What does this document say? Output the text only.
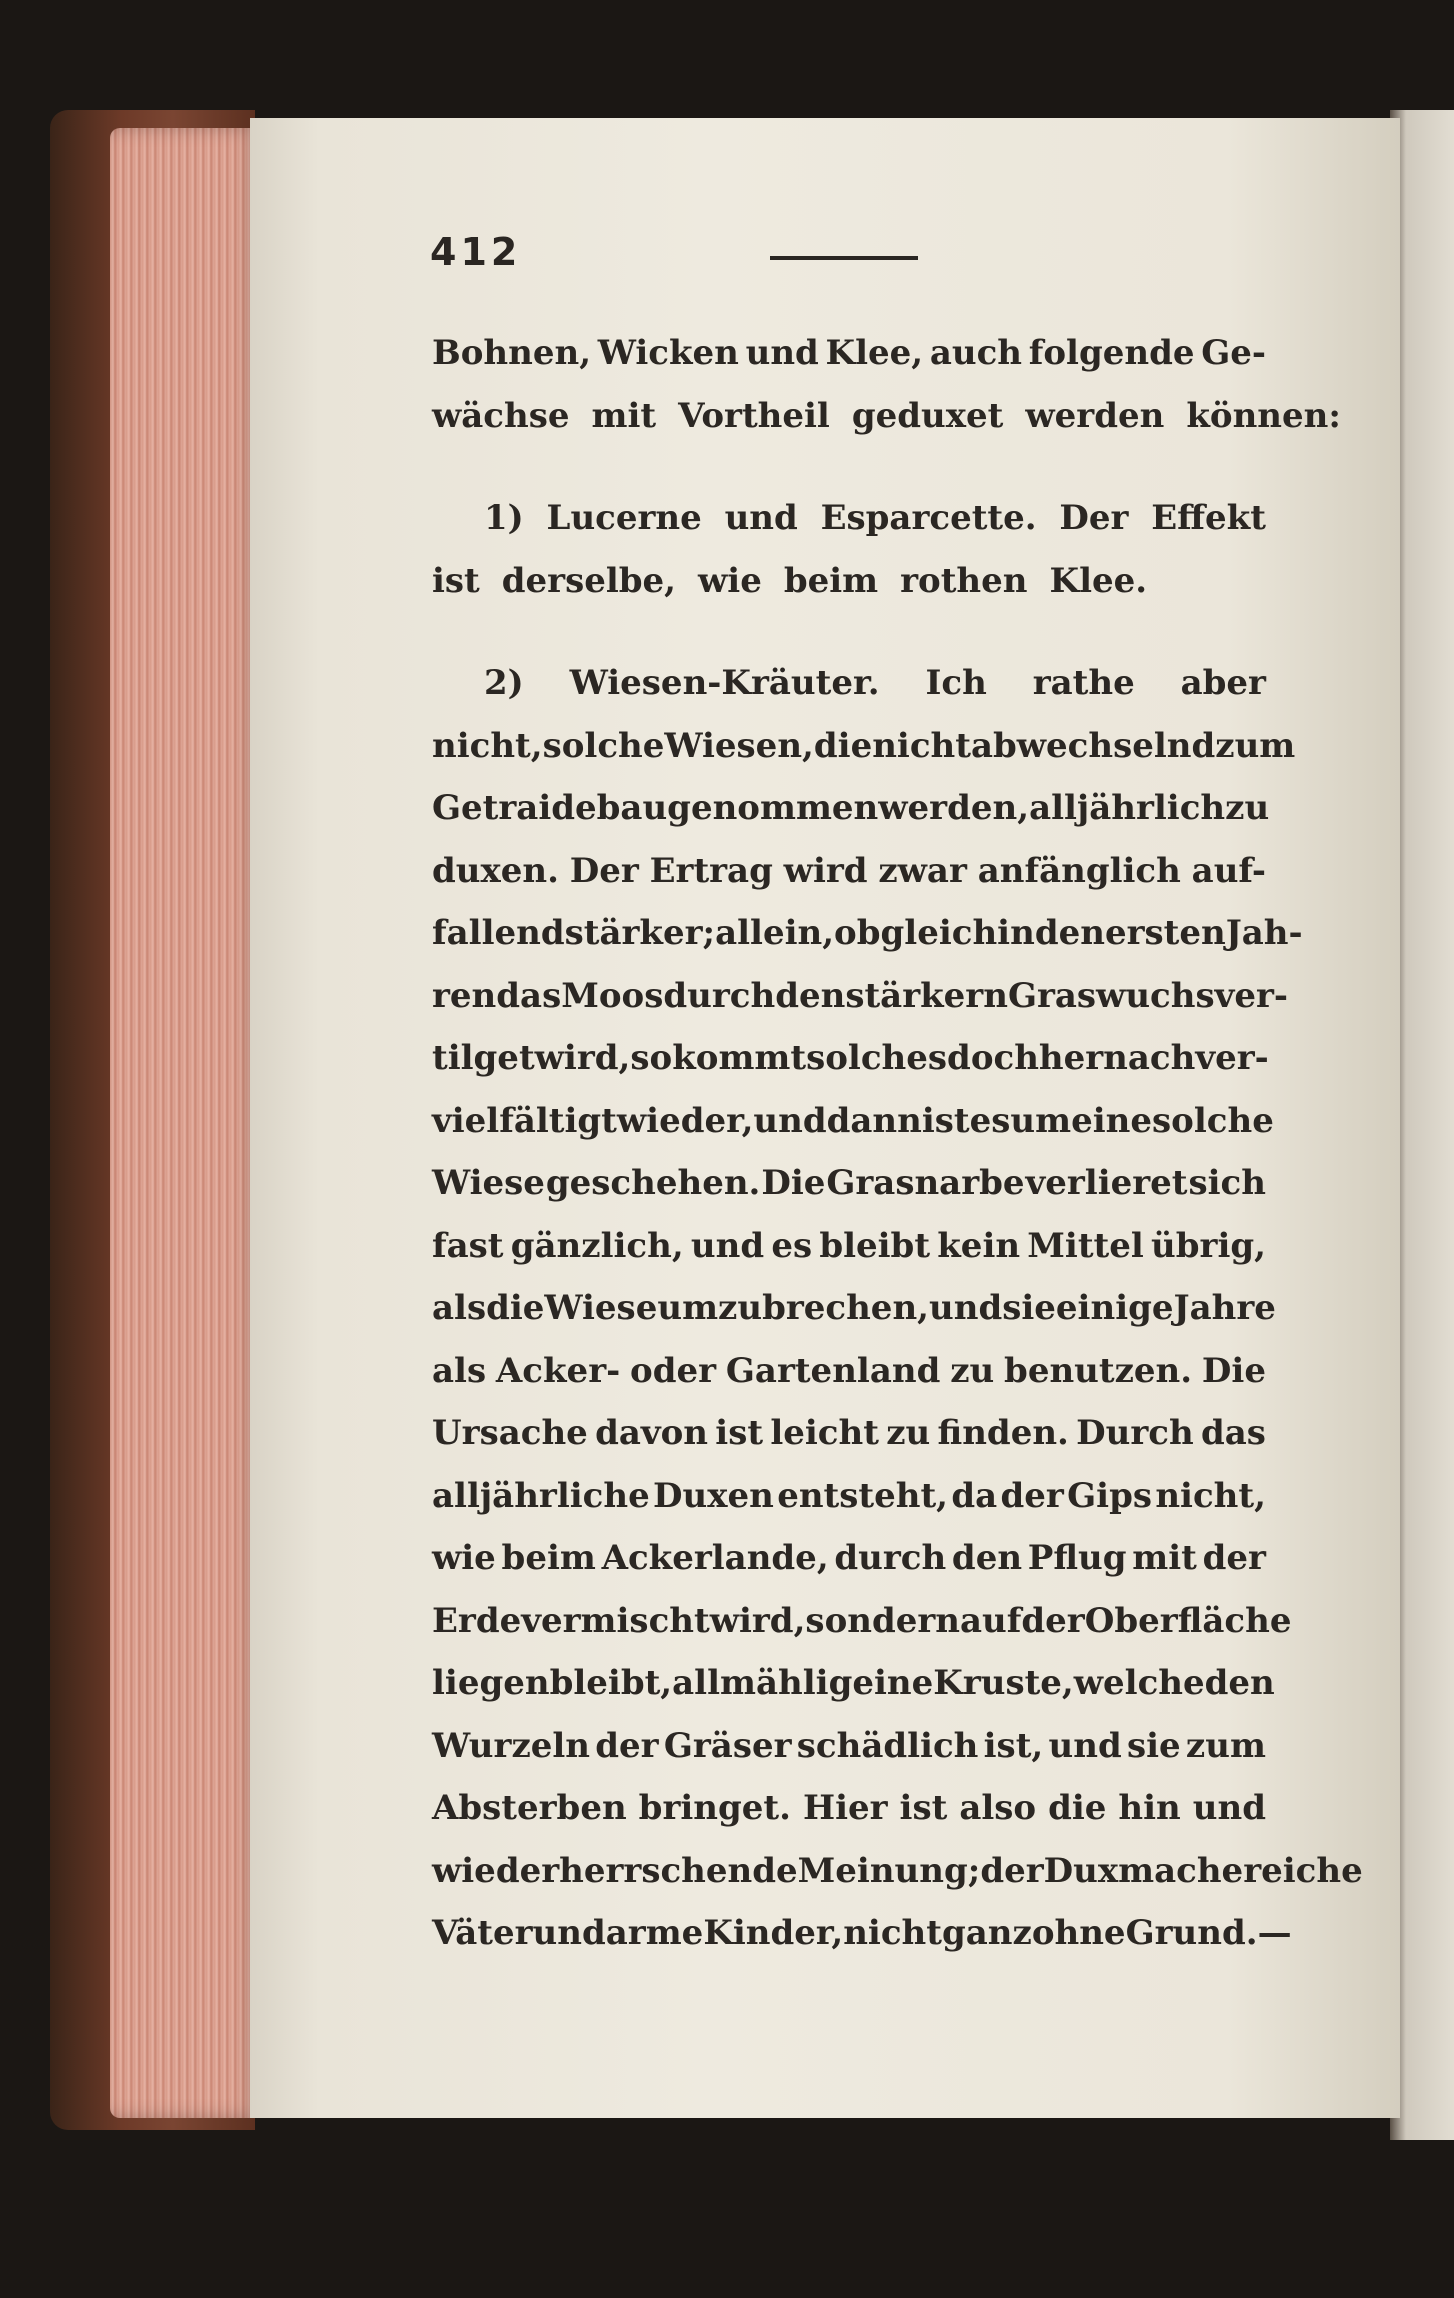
412
Bohnen, Wicken und Klee, auch folgende Ge-
wächse mit Vortheil geduxet werden können:
1) Lucerne und Esparcette. Der Effekt
ist derselbe, wie beim rothen Klee.
2) Wiesen-Kräuter. Ich rathe aber
nicht, solche Wiesen, die nicht abwechselnd zum
Getraidebau genommen werden, alljährlich zu
duxen. Der Ertrag wird zwar anfänglich auf-
fallend stärker; allein, obgleich in den ersten Jah-
ren das Moos durch den stärkern Graswuchs ver-
tilget wird, so kommt solches doch hernach ver-
vielfältigt wieder, und dann ist es um eine solche
Wiese geschehen. Die Grasnarbe verlieret sich
fast gänzlich, und es bleibt kein Mittel übrig,
als die Wiese umzubrechen, und sie einige Jahre
als Acker- oder Gartenland zu benutzen. Die
Ursache davon ist leicht zu finden. Durch das
alljährliche Duxen entsteht, da der Gips nicht,
wie beim Ackerlande, durch den Pflug mit der
Erde vermischt wird, sondern auf der Oberfläche
liegen bleibt, allmählig eine Kruste, welche den
Wurzeln der Gräser schädlich ist, und sie zum
Absterben bringet. Hier ist also die hin und
wieder herrschende Meinung; der Dux mache reiche
Väter und arme Kinder, nicht ganz ohne Grund. —
